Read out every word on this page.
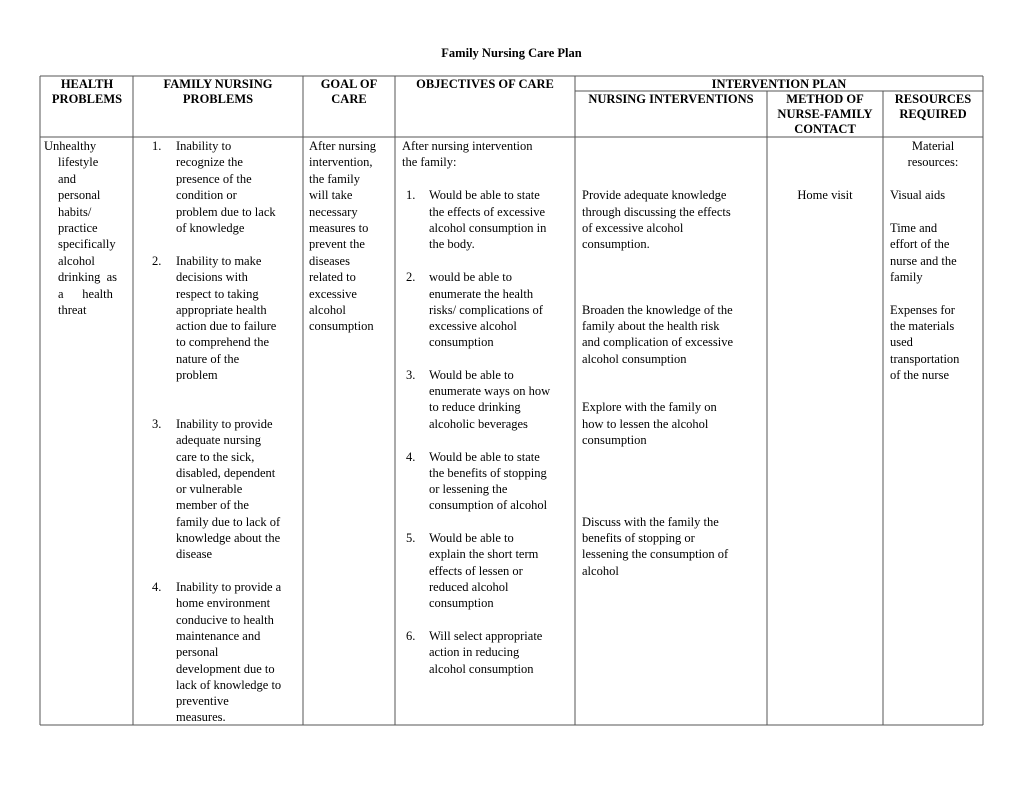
Family Nursing Care Plan
HEALTH PROBLEMS
FAMILY NURSING PROBLEMS
GOAL OF CARE
OBJECTIVES OF CARE	INTERVENTION PLAN
NURSING INTERVENTIONS	METHOD OF NURSE-FAMILY CONTACT
RESOURCES REQUIRED
Unhealthy
lifestyle
and
personal
habits/
practice
specifically
alcohol
drinking  as
a      health
threat
1. Inability to
recognize the
presence of the
condition or
problem due to lack
of knowledge
2. Inability to make
decisions with
respect to taking
appropriate health
action due to failure
to comprehend the
nature of the
problem
3. Inability to provide
adequate nursing
care to the sick,
disabled, dependent
or vulnerable
member of the
family due to lack of
knowledge about the
disease
4. Inability to provide a
home environment
conducive to health
maintenance and
personal
development due to
lack of knowledge to
preventive
measures.
After nursing
intervention,
the family
will take
necessary
measures to
prevent the
diseases
related to
excessive
alcohol
consumption
After nursing intervention
the family:
1. Would be able to state
the effects of excessive
alcohol consumption in
the body.
2. would be able to
enumerate the health
risks/ complications of
excessive alcohol
consumption
3. Would be able to
enumerate ways on how
to reduce drinking
alcoholic beverages
4. Would be able to state
the benefits of stopping
or lessening the
consumption of alcohol
5. Would be able to
explain the short term
effects of lessen or
reduced alcohol
consumption
6. Will select appropriate
action in reducing
alcohol consumption
Provide adequate knowledge
through discussing the effects
of excessive alcohol
consumption.
Broaden the knowledge of the
family about the health risk
and complication of excessive
alcohol consumption
Explore with the family on
how to lessen the alcohol
consumption
Discuss with the family the
benefits of stopping or
lessening the consumption of
alcohol
Home visit
Material
resources:
Visual aids
Time and
effort of the
nurse and the
family
Expenses for
the materials
used
transportation
of the nurse
